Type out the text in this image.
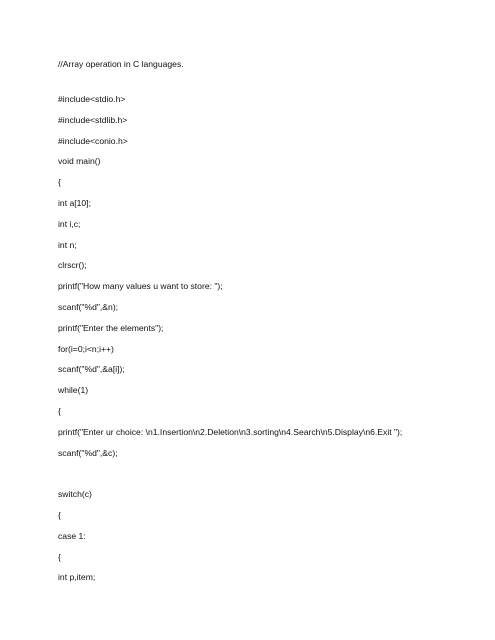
//Array operation in C languages.
#include<stdio.h>
#include<stdlib.h>
#include<conio.h>
void main()
{
int a[10];
int i,c;
int n;
clrscr();
printf("How many values u want to store: ");
scanf("%d",&n);
printf("Enter the elements");
for(i=0;i<n;i++)
scanf("%d",&a[i]);
while(1)
{
printf("Enter ur choice: \n1.Insertion\n2.Deletion\n3.sorting\n4.Search\n5.Display\n6.Exit ");
scanf("%d",&c);
switch(c)
{
case 1:
{
int p,item;
